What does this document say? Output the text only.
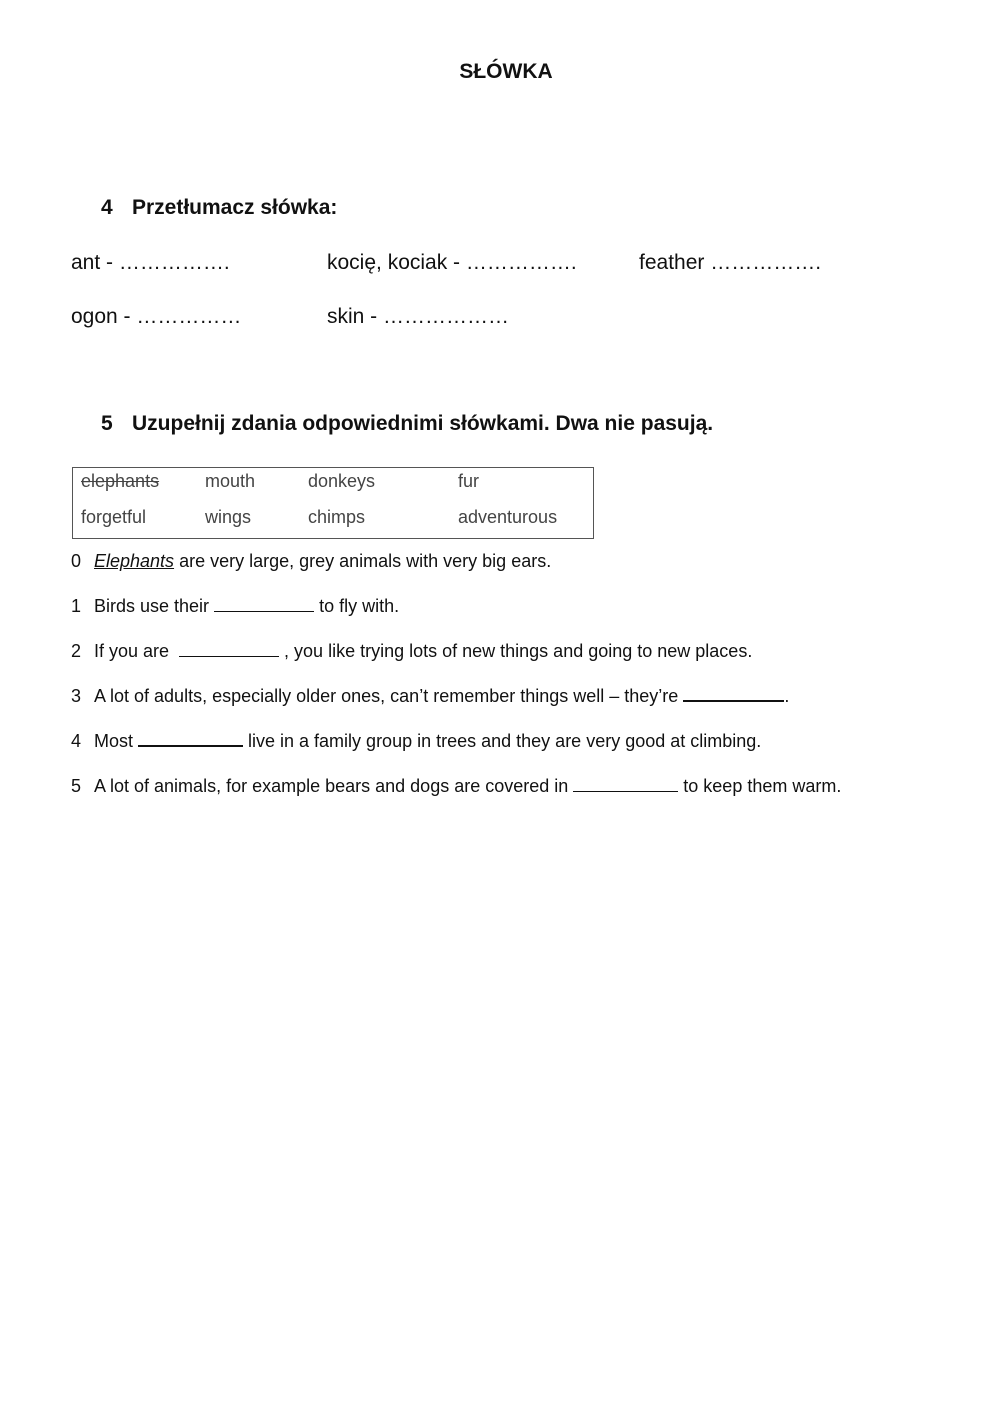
SŁÓWKA
4 Przetłumacz słówka:
ant - …………….	kocię, kociak - …………….	feather …………….
ogon - ……………	skin - ………………
5 Uzupełnij zdania odpowiednimi słówkami. Dwa nie pasują.
elephants	mouth	donkeys	fur
forgetful	wings	chimps	adventurous
0 Elephants are very large, grey animals with very big ears.
1 Birds use their	to fly with.
2 If you are	, you like trying lots of new things and going to new places.
3 A lot of adults, especially older ones, can’t remember things well – they’re	.
4 Most	live in a family group in trees and they are very good at climbing.
5 A lot of animals, for example bears and dogs are covered in	to keep them warm.
